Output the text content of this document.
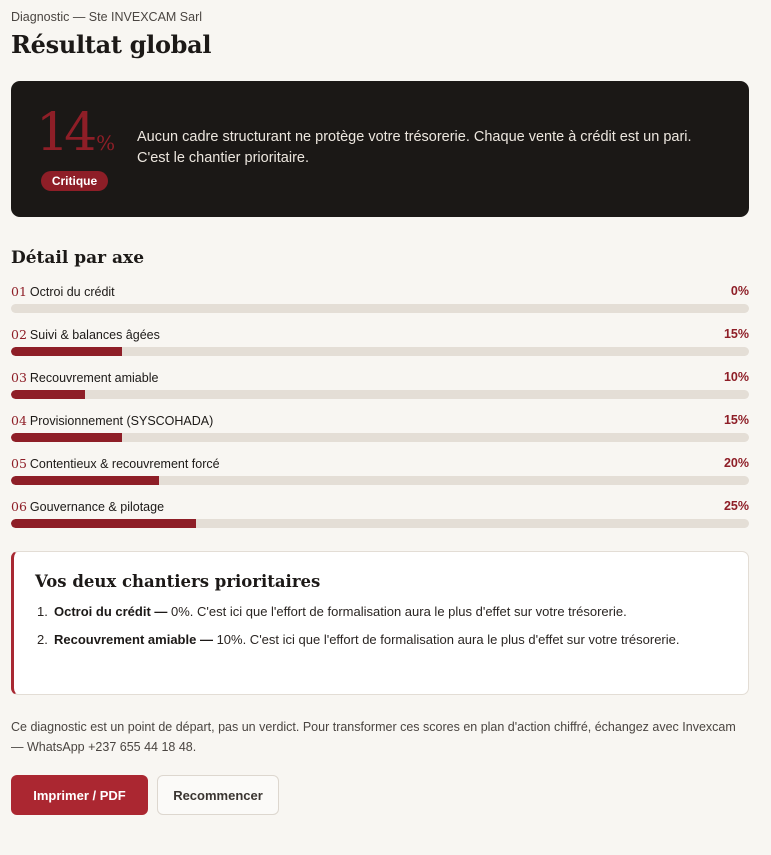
Diagnostic — Ste INVEXCAM Sarl
Résultat global
14 %
Critique

Aucun cadre structurant ne protège votre trésorerie. Chaque vente à crédit est un pari. C'est le chantier prioritaire.

Détail par axe
01 Octroi du crédit	0%
02 Suivi & balances âgées	15%
03 Recouvrement amiable	10%
04 Provisionnement (SYSCOHADA)	15%
05 Contentieux & recouvrement forcé	20%
06 Gouvernance & pilotage	25%
Vos deux chantiers prioritaires
1. Octroi du crédit — 0%. C'est ici que l'effort de formalisation aura le plus d'effet sur votre trésorerie.
2. Recouvrement amiable — 10%. C'est ici que l'effort de formalisation aura le plus d'effet sur votre trésorerie.

Ce diagnostic est un point de départ, pas un verdict. Pour transformer ces scores en plan d'action chiffré, échangez avec Invexcam — WhatsApp +237 655 44 18 48.

Imprimer / PDF	Recommencer
